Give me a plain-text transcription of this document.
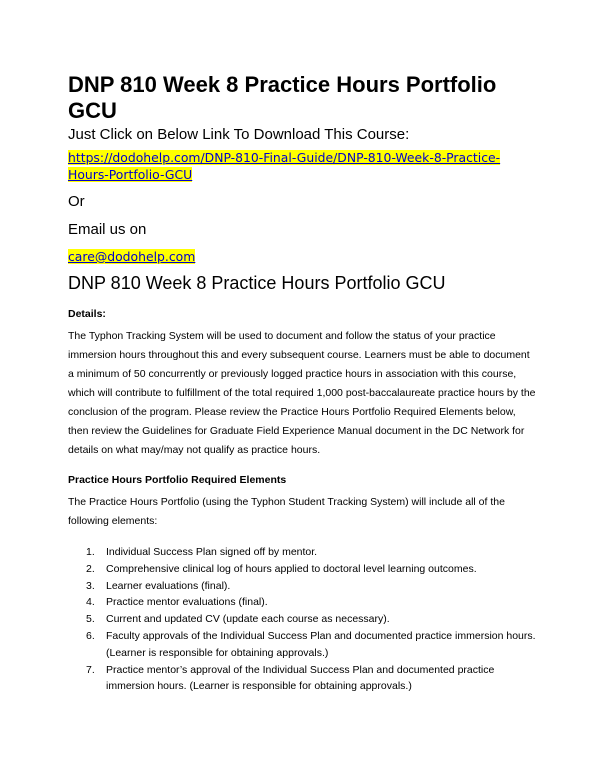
DNP 810 Week 8 Practice Hours Portfolio GCU
Just Click on Below Link To Download This Course:
https://dodohelp.com/DNP-810-Final-Guide/DNP-810-Week-8-Practice-Hours-Portfolio-GCU
Or
Email us on
care@dodohelp.com
DNP 810 Week 8 Practice Hours Portfolio GCU
Details:

The Typhon Tracking System will be used to document and follow the status of your practice immersion hours throughout this and every subsequent course. Learners must be able to document a minimum of 50 concurrently or previously logged practice hours in association with this course, which will contribute to fulfillment of the total required 1,000 post-baccalaureate practice hours by the conclusion of the program. Please review the Practice Hours Portfolio Required Elements below, then review the Guidelines for Graduate Field Experience Manual document in the DC Network for details on what may/may not qualify as practice hours.

Practice Hours Portfolio Required Elements

The Practice Hours Portfolio (using the Typhon Student Tracking System) will include all of the following elements:

1. Individual Success Plan signed off by mentor.
2. Comprehensive clinical log of hours applied to doctoral level learning outcomes.
3. Learner evaluations (final).
4. Practice mentor evaluations (final).
5. Current and updated CV (update each course as necessary).
6. Faculty approvals of the Individual Success Plan and documented practice immersion hours. (Learner is responsible for obtaining approvals.)
7. Practice mentor’s approval of the Individual Success Plan and documented practice immersion hours. (Learner is responsible for obtaining approvals.)
